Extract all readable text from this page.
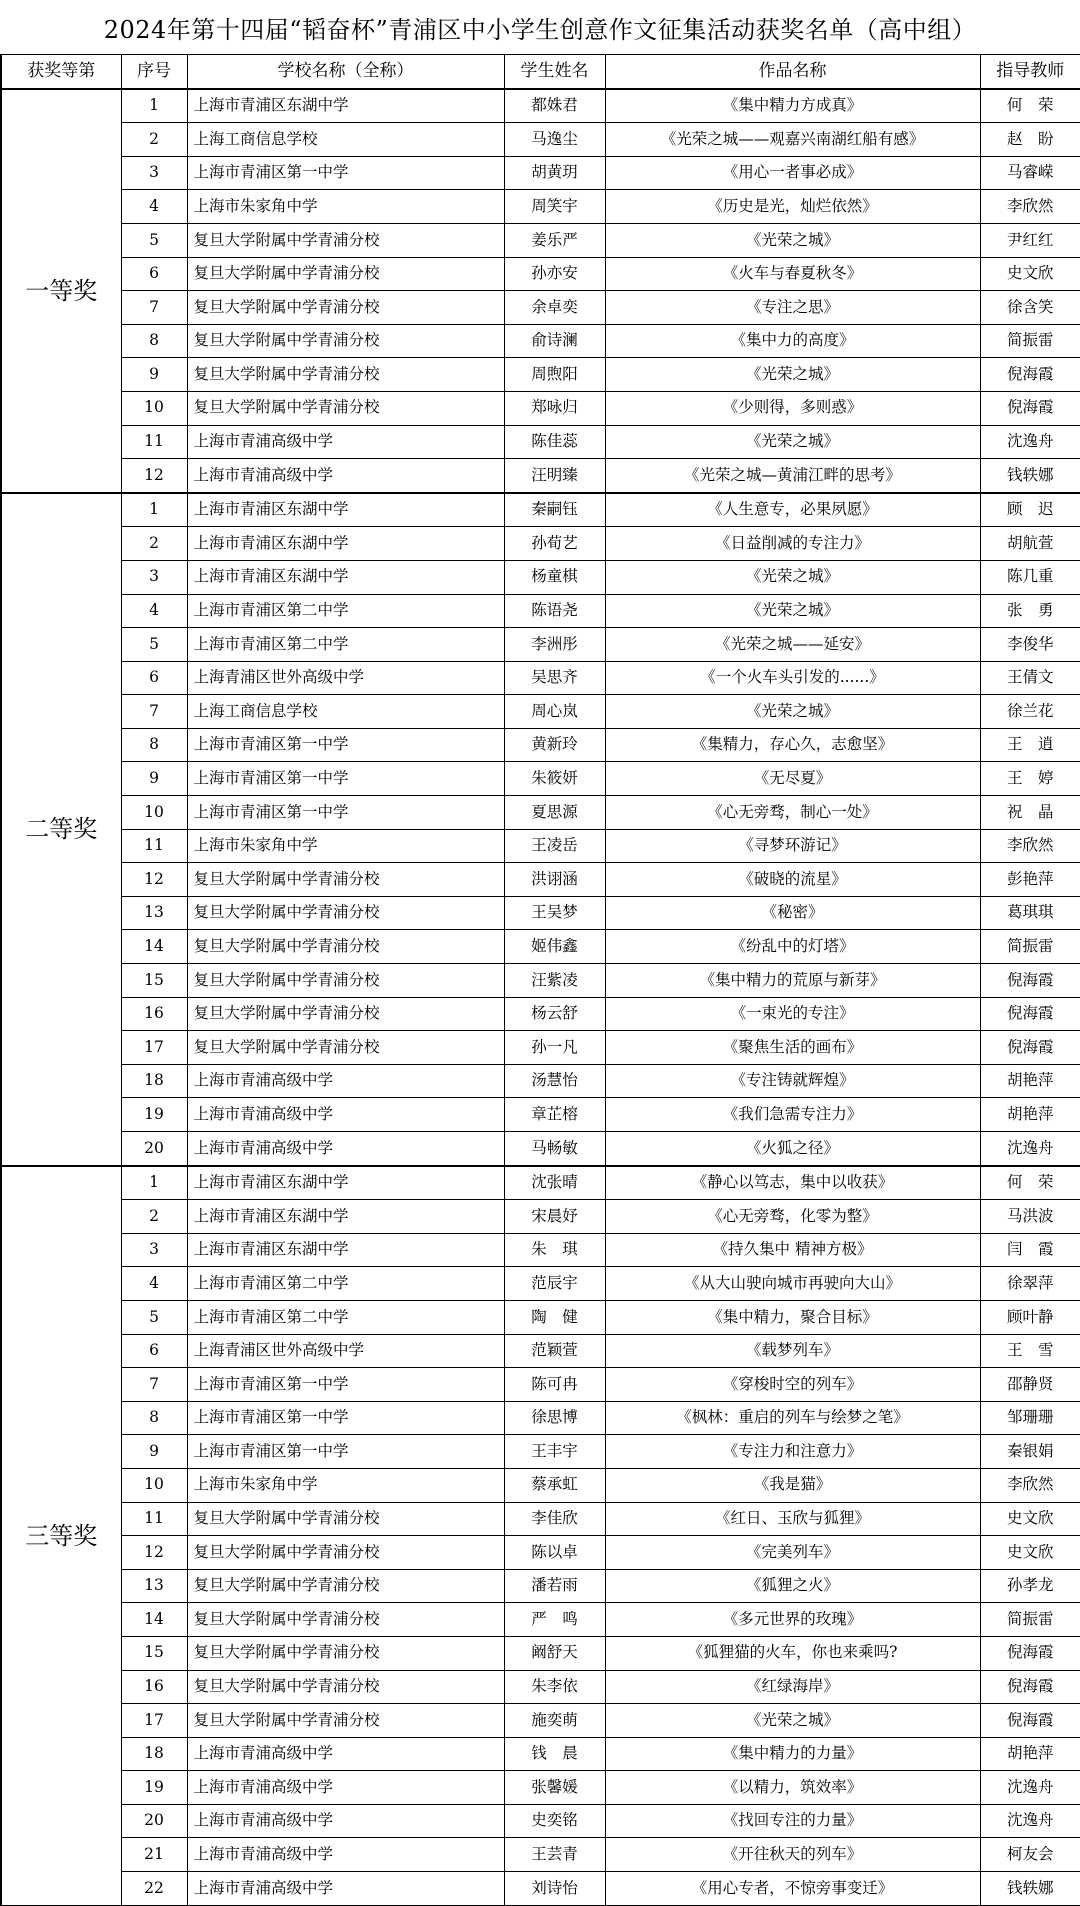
2024年第十四届“韬奋杯”青浦区中小学生创意作文征集活动获奖名单（高中组）
获奖等第	序号	学校名称（全称）	学生姓名	作品名称	指导教师
一等奖	1	上海市青浦区东湖中学	都姝君	《集中精力方成真》	何　荣
	2	上海工商信息学校	马逸尘	《光荣之城——观嘉兴南湖红船有感》	赵　盼
	3	上海市青浦区第一中学	胡黄玥	《用心一者事必成》	马睿嵘
	4	上海市朱家角中学	周笑宇	《历史是光，灿烂依然》	李欣然
	5	复旦大学附属中学青浦分校	姜乐严	《光荣之城》	尹红红
	6	复旦大学附属中学青浦分校	孙亦安	《火车与春夏秋冬》	史文欣
	7	复旦大学附属中学青浦分校	余卓奕	《专注之思》	徐含笑
	8	复旦大学附属中学青浦分校	俞诗澜	《集中力的高度》	简振雷
	9	复旦大学附属中学青浦分校	周煦阳	《光荣之城》	倪海霞
	10	复旦大学附属中学青浦分校	郑咏归	《少则得，多则惑》	倪海霞
	11	上海市青浦高级中学	陈佳蕊	《光荣之城》	沈逸舟
	12	上海市青浦高级中学	汪明臻	《光荣之城—黄浦江畔的思考》	钱轶娜
二等奖	1	上海市青浦区东湖中学	秦嗣钰	《人生意专，必果夙愿》	顾　迟
	2	上海市青浦区东湖中学	孙荀艺	《日益削减的专注力》	胡航萱
	3	上海市青浦区东湖中学	杨童棋	《光荣之城》	陈几重
	4	上海市青浦区第二中学	陈语尧	《光荣之城》	张　勇
	5	上海市青浦区第二中学	李洲彤	《光荣之城——延安》	李俊华
	6	上海青浦区世外高级中学	吴思齐	《一个火车头引发的......》	王倩文
	7	上海工商信息学校	周心岚	《光荣之城》	徐兰花
	8	上海市青浦区第一中学	黄新玲	《集精力，存心久，志愈坚》	王　逍
	9	上海市青浦区第一中学	朱筱妍	《无尽夏》	王　婷
	10	上海市青浦区第一中学	夏思源	《心无旁骛，制心一处》	祝　晶
	11	上海市朱家角中学	王凌岳	《寻梦环游记》	李欣然
	12	复旦大学附属中学青浦分校	洪诩涵	《破晓的流星》	彭艳萍
	13	复旦大学附属中学青浦分校	王吴梦	《秘密》	葛琪琪
	14	复旦大学附属中学青浦分校	姬伟鑫	《纷乱中的灯塔》	简振雷
	15	复旦大学附属中学青浦分校	汪紫凌	《集中精力的荒原与新芽》	倪海霞
	16	复旦大学附属中学青浦分校	杨云舒	《一束光的专注》	倪海霞
	17	复旦大学附属中学青浦分校	孙一凡	《聚焦生活的画布》	倪海霞
	18	上海市青浦高级中学	汤慧怡	《专注铸就辉煌》	胡艳萍
	19	上海市青浦高级中学	章芷榕	《我们急需专注力》	胡艳萍
	20	上海市青浦高级中学	马畅敏	《火狐之径》	沈逸舟
三等奖	1	上海市青浦区东湖中学	沈张晴	《静心以笃志，集中以收获》	何　荣
	2	上海市青浦区东湖中学	宋晨妤	《心无旁骛，化零为整》	马洪波
	3	上海市青浦区东湖中学	朱　琪	《持久集中 精神方极》	闫　霞
	4	上海市青浦区第二中学	范辰宇	《从大山驶向城市再驶向大山》	徐翠萍
	5	上海市青浦区第二中学	陶　健	《集中精力，聚合目标》	顾叶静
	6	上海青浦区世外高级中学	范颖萱	《载梦列车》	王　雪
	7	上海市青浦区第一中学	陈可冉	《穿梭时空的列车》	邵静贤
	8	上海市青浦区第一中学	徐思博	《枫林：重启的列车与绘梦之笔》	邹珊珊
	9	上海市青浦区第一中学	王丰宇	《专注力和注意力》	秦银娟
	10	上海市朱家角中学	蔡承虹	《我是猫》	李欣然
	11	复旦大学附属中学青浦分校	李佳欣	《红日、玉欣与狐狸》	史文欣
	12	复旦大学附属中学青浦分校	陈以卓	《完美列车》	史文欣
	13	复旦大学附属中学青浦分校	潘若雨	《狐狸之火》	孙孝龙
	14	复旦大学附属中学青浦分校	严　鸣	《多元世界的玫瑰》	简振雷
	15	复旦大学附属中学青浦分校	阚舒天	《狐狸猫的火车，你也来乘吗?	倪海霞
	16	复旦大学附属中学青浦分校	朱李依	《红绿海岸》	倪海霞
	17	复旦大学附属中学青浦分校	施奕萌	《光荣之城》	倪海霞
	18	上海市青浦高级中学	钱　晨	《集中精力的力量》	胡艳萍
	19	上海市青浦高级中学	张馨媛	《以精力，筑效率》	沈逸舟
	20	上海市青浦高级中学	史奕铭	《找回专注的力量》	沈逸舟
	21	上海市青浦高级中学	王芸青	《开往秋天的列车》	柯友会
	22	上海市青浦高级中学	刘诗怡	《用心专者，不惊旁事变迁》	钱轶娜
